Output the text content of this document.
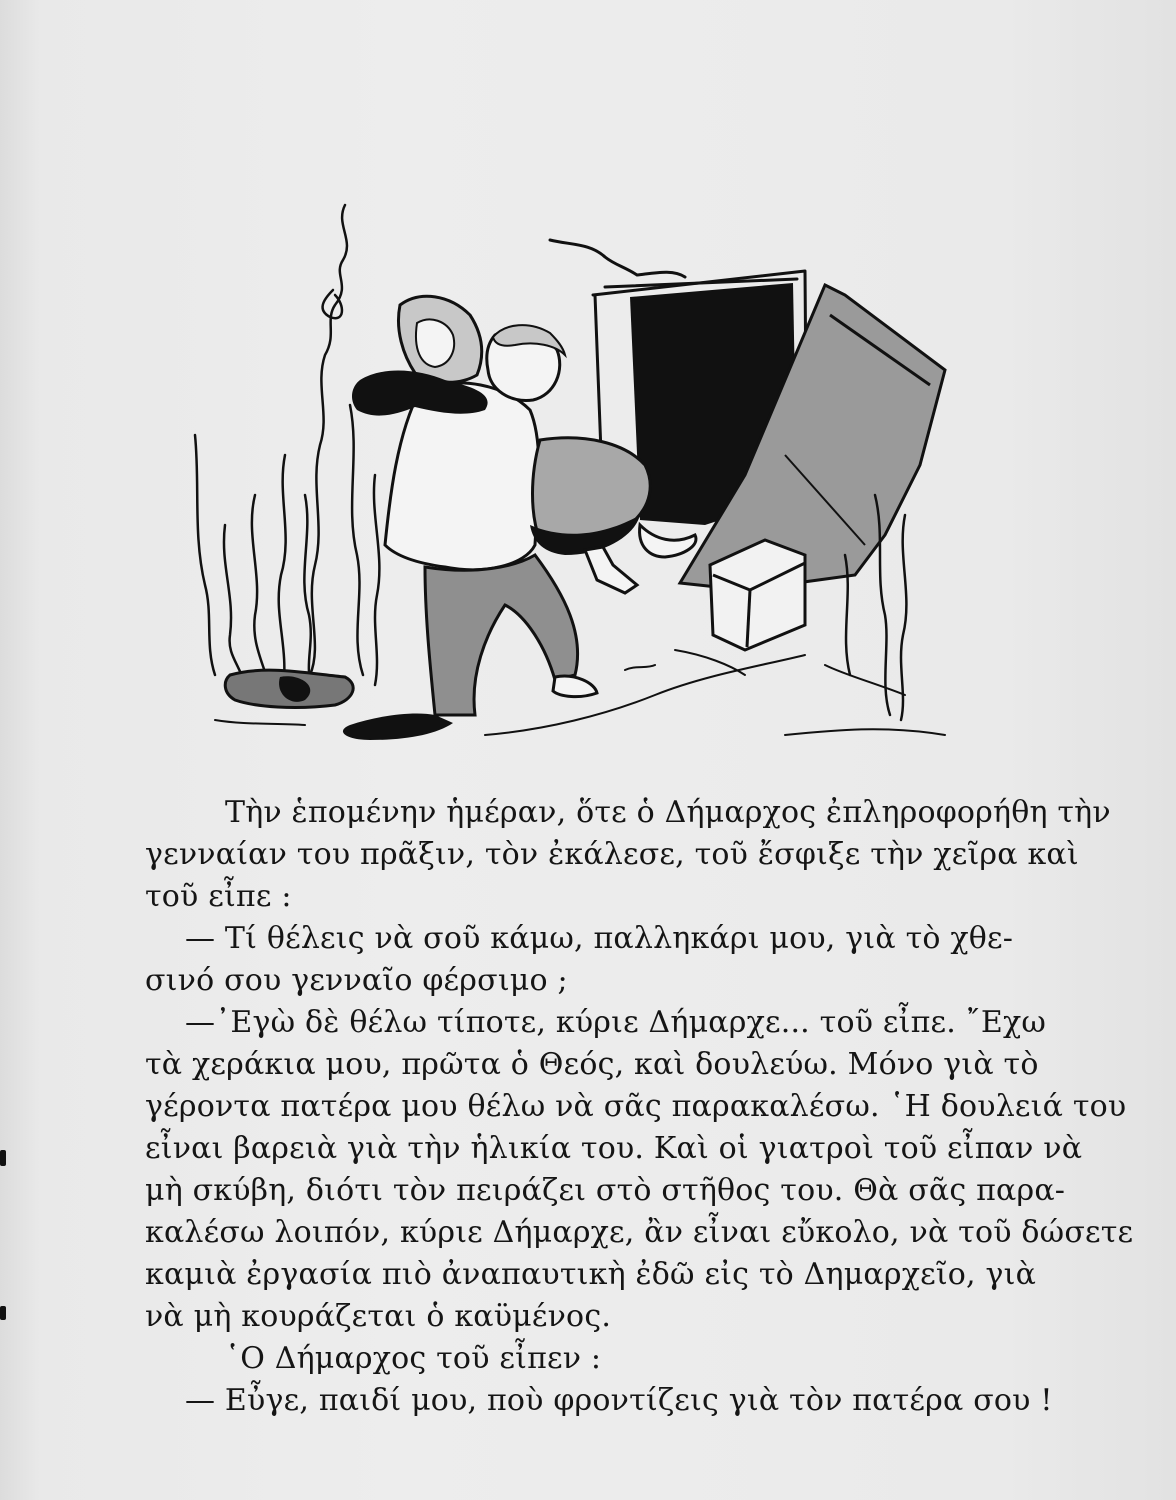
Τὴν ἑπομένην ἡμέραν, ὅτε ὁ Δήμαρχος ἐπληροφορήθη τὴν
γενναίαν του πρᾶξιν, τὸν ἐκάλεσε, τοῦ ἔσφιξε τὴν χεῖρα καὶ
τοῦ εἶπε :
— Τί θέλεις νὰ σοῦ κάμω, παλληκάρι μου, γιὰ τὸ χθε-
σινό σου γενναῖο φέρσιμο ;
—᾿Εγὼ δὲ θέλω τίποτε, κύριε Δήμαρχε... τοῦ εἶπε. ῎Εχω
τὰ χεράκια μου, πρῶτα ὁ Θεός, καὶ δουλεύω. Μόνο γιὰ τὸ
γέροντα πατέρα μου θέλω νὰ σᾶς παρακαλέσω. ῾Η δουλειά του
εἶναι βαρειὰ γιὰ τὴν ἡλικία του. Καὶ οἱ γιατροὶ τοῦ εἶπαν νὰ
μὴ σκύβη, διότι τὸν πειράζει στὸ στῆθος του. Θὰ σᾶς παρα-
καλέσω λοιπόν, κύριε Δήμαρχε, ἂν εἶναι εὔκολο, νὰ τοῦ δώσετε
καμιὰ ἐργασία πιὸ ἀναπαυτικὴ ἐδῶ εἰς τὸ Δημαρχεῖο, γιὰ
νὰ μὴ κουράζεται ὁ καϋμένος.
῾Ο Δήμαρχος τοῦ εἶπεν :
— Εὖγε, παιδί μου, ποὺ φροντίζεις γιὰ τὸν πατέρα σου !
